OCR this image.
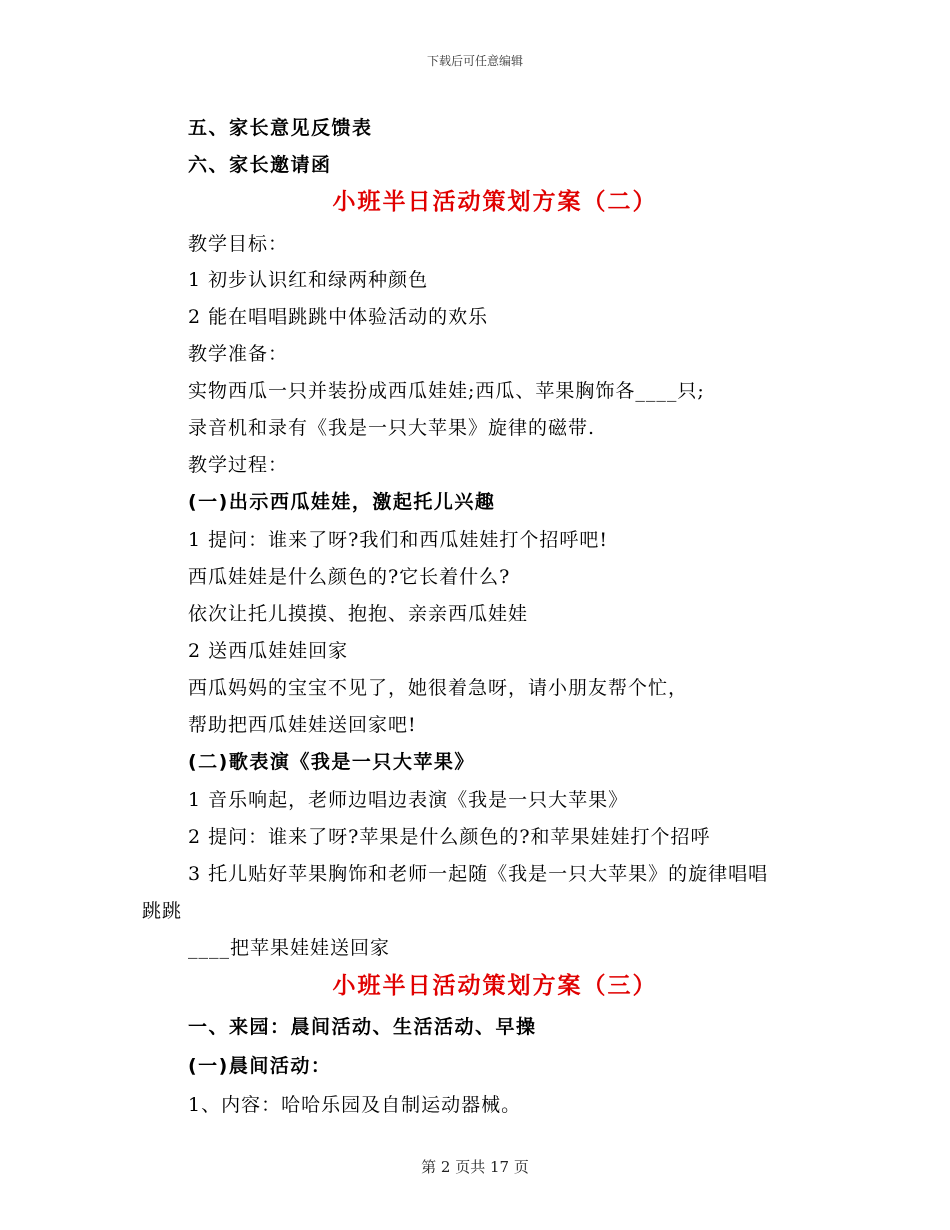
下载后可任意编辑
五、家长意见反馈表
六、家长邀请函
小班半日活动策划方案（二）
教学目标：
1 初步认识红和绿两种颜色
2 能在唱唱跳跳中体验活动的欢乐
教学准备：
实物西瓜一只并装扮成西瓜娃娃;西瓜、苹果胸饰各____只;
录音机和录有《我是一只大苹果》旋律的磁带.
教学过程：
(一)出示西瓜娃娃，激起托儿兴趣
1 提问：谁来了呀?我们和西瓜娃娃打个招呼吧!
西瓜娃娃是什么颜色的?它长着什么?
依次让托儿摸摸、抱抱、亲亲西瓜娃娃
2 送西瓜娃娃回家
西瓜妈妈的宝宝不见了，她很着急呀，请小朋友帮个忙，
帮助把西瓜娃娃送回家吧!
(二)歌表演《我是一只大苹果》
1 音乐响起，老师边唱边表演《我是一只大苹果》
2 提问：谁来了呀?苹果是什么颜色的?和苹果娃娃打个招呼
3 托儿贴好苹果胸饰和老师一起随《我是一只大苹果》的旋律唱唱
跳跳
____把苹果娃娃送回家
小班半日活动策划方案（三）
一、来园：晨间活动、生活活动、早操
(一)晨间活动：
1、内容：哈哈乐园及自制运动器械。
第 2 页共 17 页
